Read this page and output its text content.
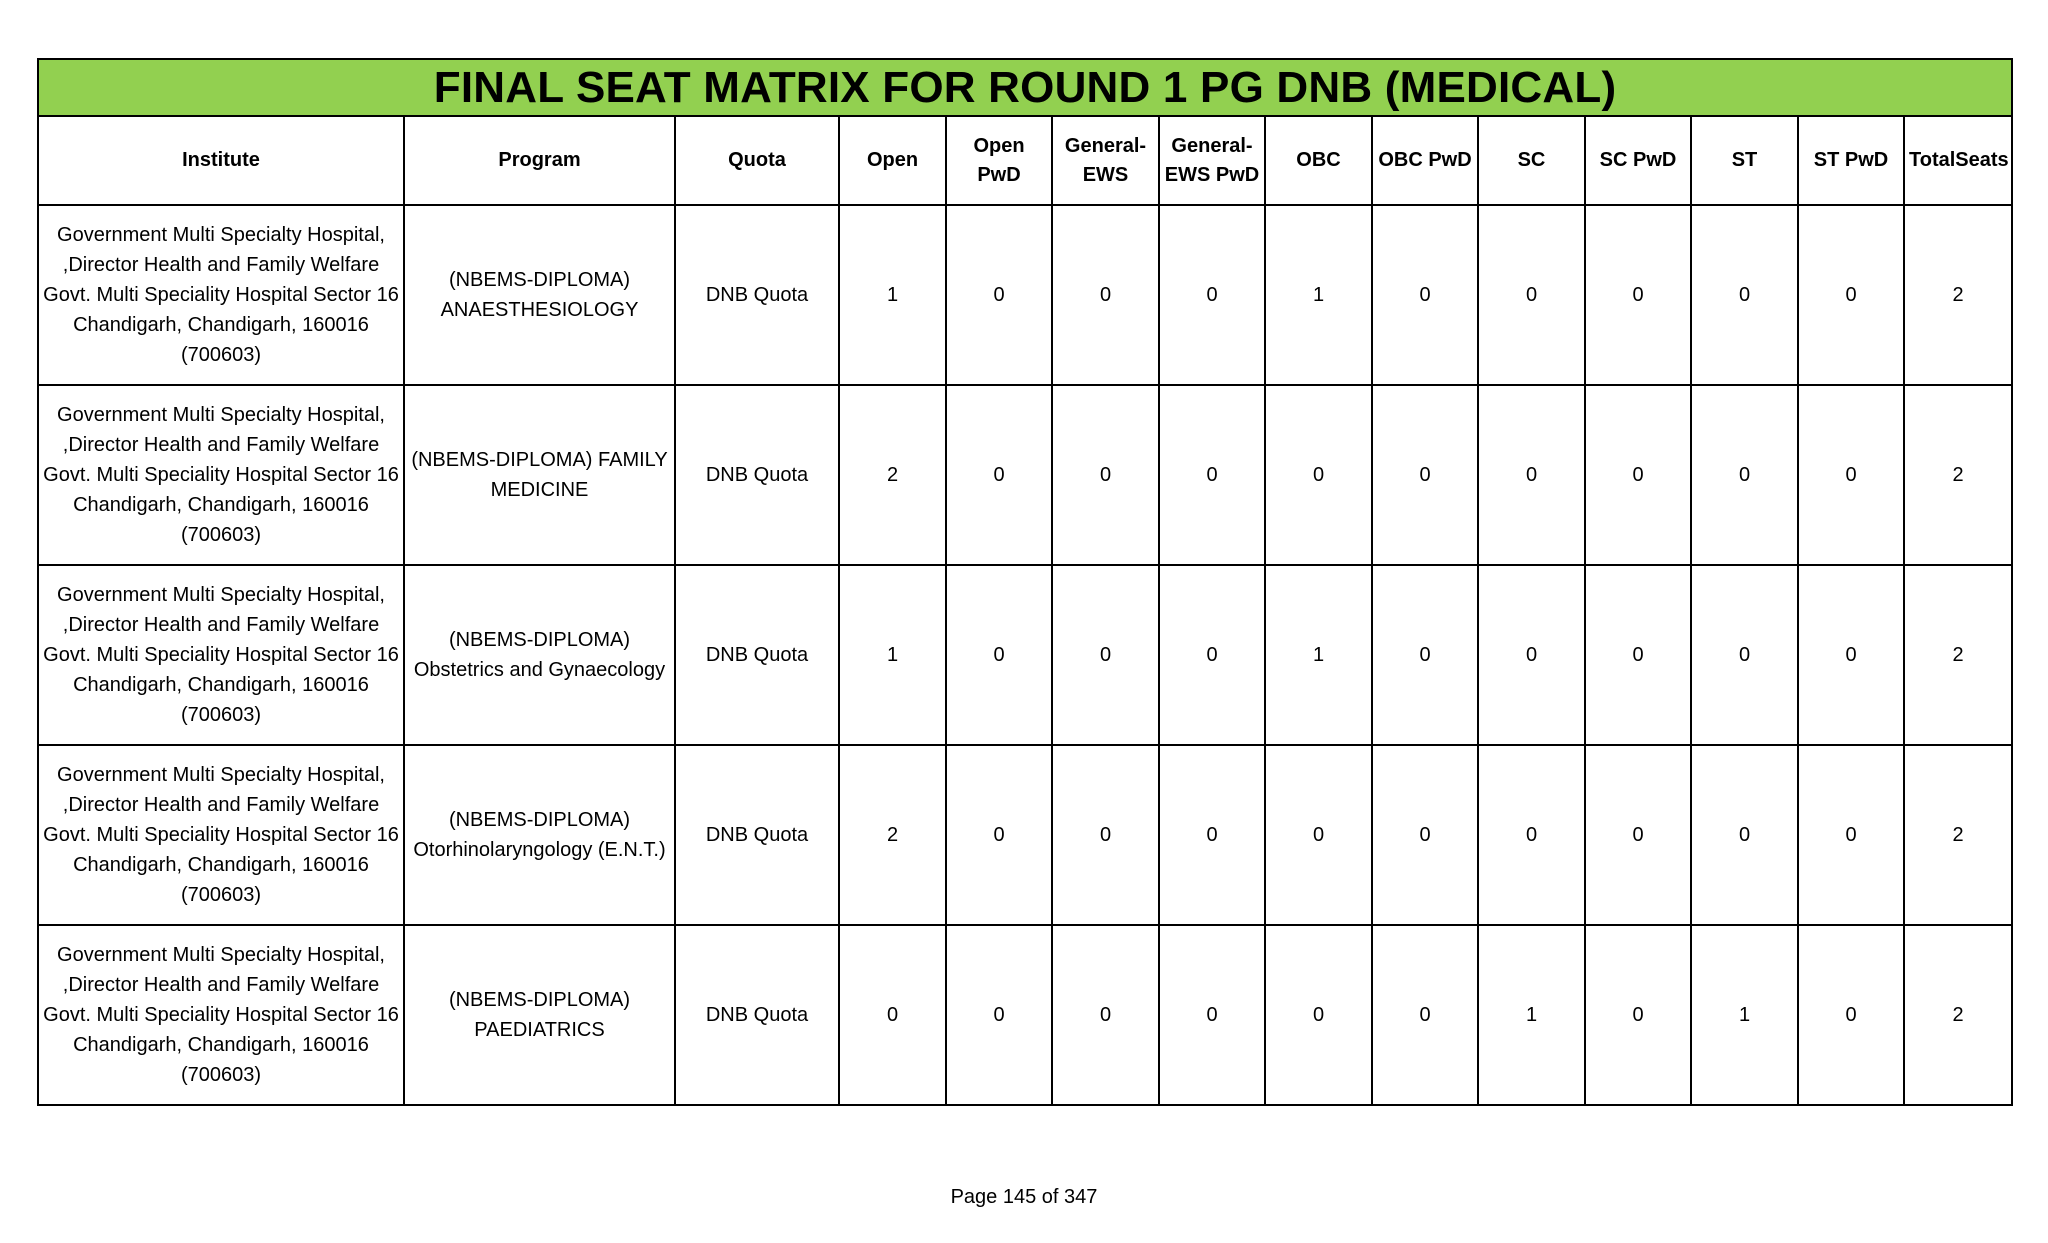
FINAL SEAT MATRIX FOR ROUND 1 PG DNB (MEDICAL)													
Institute	Program	Quota	Open	Open PwD	General-EWS	General-EWS PwD	OBC	OBC PwD	SC	SC PwD	ST	ST PwD	TotalSeats
Government Multi Specialty Hospital, ,Director Health and Family Welfare Govt. Multi Speciality Hospital Sector 16 Chandigarh, Chandigarh, 160016 (700603)	(NBEMS-DIPLOMA) ANAESTHESIOLOGY	DNB Quota	1	0	0	0	1	0	0	0	0	0	2
Government Multi Specialty Hospital, ,Director Health and Family Welfare Govt. Multi Speciality Hospital Sector 16 Chandigarh, Chandigarh, 160016 (700603)	(NBEMS-DIPLOMA) FAMILY MEDICINE	DNB Quota	2	0	0	0	0	0	0	0	0	0	2
Government Multi Specialty Hospital, ,Director Health and Family Welfare Govt. Multi Speciality Hospital Sector 16 Chandigarh, Chandigarh, 160016 (700603)	(NBEMS-DIPLOMA) Obstetrics and Gynaecology	DNB Quota	1	0	0	0	1	0	0	0	0	0	2
Government Multi Specialty Hospital, ,Director Health and Family Welfare Govt. Multi Speciality Hospital Sector 16 Chandigarh, Chandigarh, 160016 (700603)	(NBEMS-DIPLOMA) Otorhinolaryngology (E.N.T.)	DNB Quota	2	0	0	0	0	0	0	0	0	0	2
Government Multi Specialty Hospital, ,Director Health and Family Welfare Govt. Multi Speciality Hospital Sector 16 Chandigarh, Chandigarh, 160016 (700603)	(NBEMS-DIPLOMA) PAEDIATRICS	DNB Quota	0	0	0	0	0	0	1	0	1	0	2
Page 145 of 347
